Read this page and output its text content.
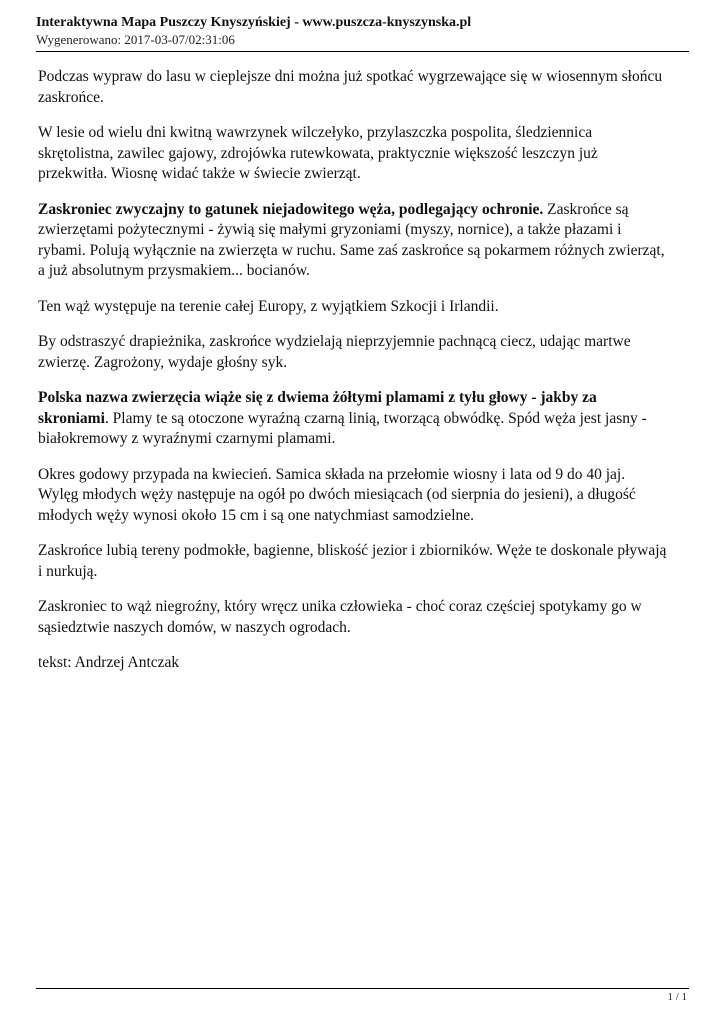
Interaktywna Mapa Puszczy Knyszyńskiej - www.puszcza-knyszynska.pl
Wygenerowano: 2017-03-07/02:31:06

Podczas wypraw do lasu w cieplejsze dni można już spotkać wygrzewające się w wiosennym słońcu zaskrońce.

W lesie od wielu dni kwitną wawrzynek wilczełyko, przylaszczka pospolita, śledziennica skrętolistna, zawilec gajowy, zdrojówka rutewkowata, praktycznie większość leszczyn już przekwitła. Wiosnę widać także w świecie zwierząt.

Zaskroniec zwyczajny to gatunek niejadowitego węża, podlegający ochronie. Zaskrońce są zwierzętami pożytecznymi - żywią się małymi gryzoniami (myszy, nornice), a także płazami i rybami. Polują wyłącznie na zwierzęta w ruchu. Same zaś zaskrońce są pokarmem różnych zwierząt, a już absolutnym przysmakiem... bocianów.

Ten wąż występuje na terenie całej Europy, z wyjątkiem Szkocji i Irlandii.

By odstraszyć drapieżnika, zaskrońce wydzielają nieprzyjemnie pachnącą ciecz, udając martwe zwierzę. Zagrożony, wydaje głośny syk.

Polska nazwa zwierzęcia wiąże się z dwiema żółtymi plamami z tyłu głowy - jakby za skroniami. Plamy te są otoczone wyraźną czarną linią, tworzącą obwódkę. Spód węża jest jasny - białokremowy z wyraźnymi czarnymi plamami.

Okres godowy przypada na kwiecień. Samica składa na przełomie wiosny i lata od 9 do 40 jaj. Wylęg młodych węży następuje na ogół po dwóch miesiącach (od sierpnia do jesieni), a długość młodych węży wynosi około 15 cm i są one natychmiast samodzielne.

Zaskrońce lubią tereny podmokłe, bagienne, bliskość jezior i zbiorników. Węże te doskonale pływają i nurkują.

Zaskroniec to wąż niegroźny, który wręcz unika człowieka - choć coraz częściej spotykamy go w sąsiedztwie naszych domów, w naszych ogrodach.

tekst: Andrzej Antczak

1 / 1
